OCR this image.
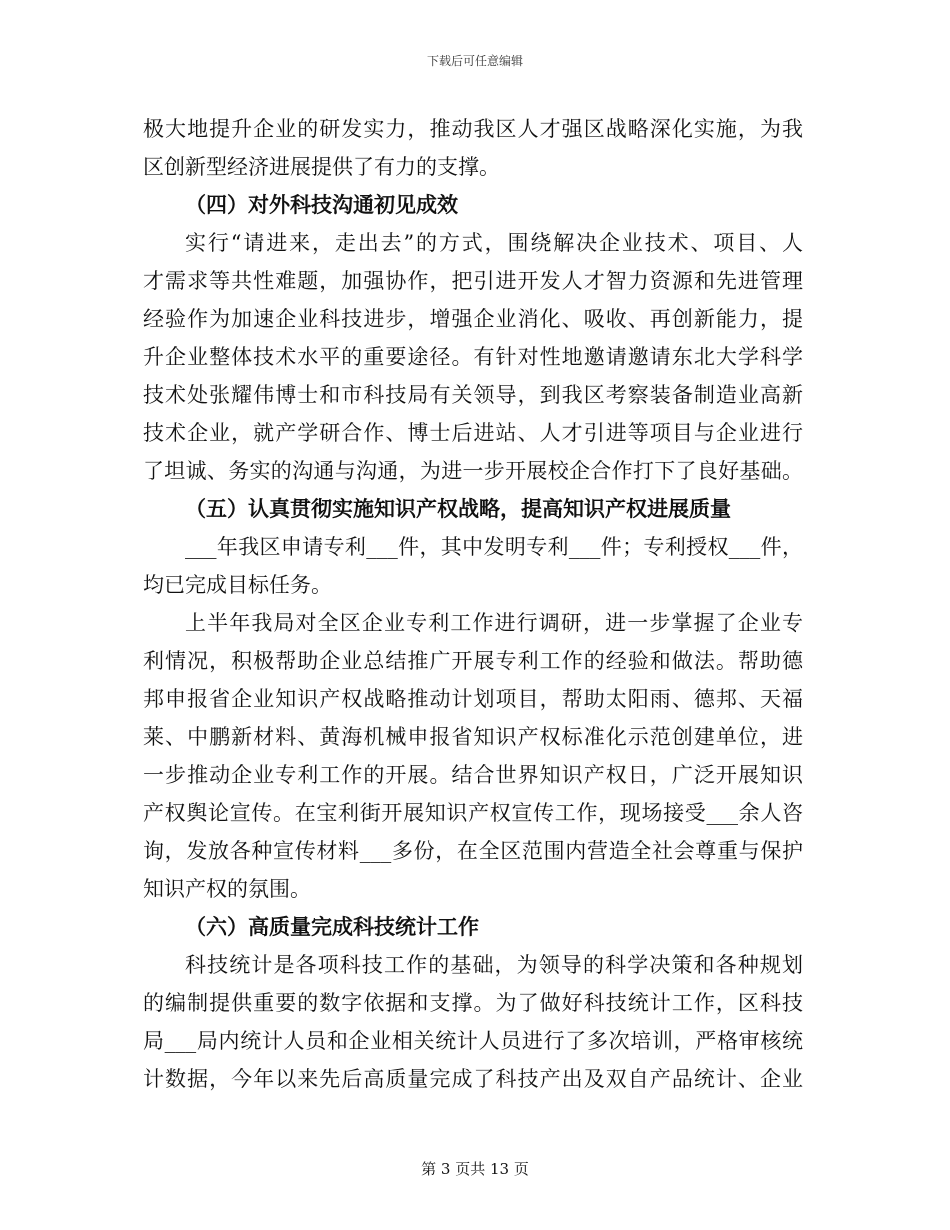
下载后可任意编辑
极大地提升企业的研发实力，推动我区人才强区战略深化实施，为我
区创新型经济进展提供了有力的支撑。
（四）对外科技沟通初见成效
实行“请进来，走出去”的方式，围绕解决企业技术、项目、人
才需求等共性难题，加强协作，把引进开发人才智力资源和先进管理
经验作为加速企业科技进步，增强企业消化、吸收、再创新能力，提
升企业整体技术水平的重要途径。有针对性地邀请邀请东北大学科学
技术处张耀伟博士和市科技局有关领导，到我区考察装备制造业高新
技术企业，就产学研合作、博士后进站、人才引进等项目与企业进行
了坦诚、务实的沟通与沟通，为进一步开展校企合作打下了良好基础。
（五）认真贯彻实施知识产权战略，提高知识产权进展质量
___年我区申请专利___件，其中发明专利___件；专利授权___件，
均已完成目标任务。
上半年我局对全区企业专利工作进行调研，进一步掌握了企业专
利情况，积极帮助企业总结推广开展专利工作的经验和做法。帮助德
邦申报省企业知识产权战略推动计划项目，帮助太阳雨、德邦、天福
莱、中鹏新材料、黄海机械申报省知识产权标准化示范创建单位，进
一步推动企业专利工作的开展。结合世界知识产权日，广泛开展知识
产权舆论宣传。在宝利街开展知识产权宣传工作，现场接受___余人咨
询，发放各种宣传材料___多份，在全区范围内营造全社会尊重与保护
知识产权的氛围。
（六）高质量完成科技统计工作
科技统计是各项科技工作的基础，为领导的科学决策和各种规划
的编制提供重要的数字依据和支撑。为了做好科技统计工作，区科技
局___局内统计人员和企业相关统计人员进行了多次培训，严格审核统
计数据，今年以来先后高质量完成了科技产出及双自产品统计、企业
第 3 页共 13 页
